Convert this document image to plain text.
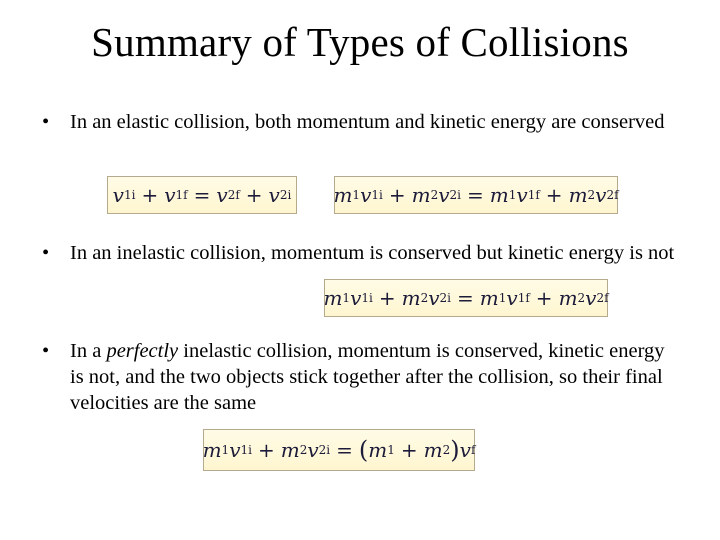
Summary of Types of Collisions
•	In an elastic collision, both momentum and kinetic energy are conserved
v 1i + v 1f = v 2f + v 2i m 1 v 1i + m 2 v 2i = m 1 v 1f + m 2 v 2f
•	In an inelastic collision, momentum is conserved but kinetic energy is not
m 1 v 1i + m 2 v 2i = m 1 v 1f + m 2 v 2f
•	In a perfectly inelastic collision, momentum is conserved, kinetic energy is not, and the two objects stick together after the collision, so their final velocities are the same
m 1 v 1i + m 2 v 2i = ( m 1 + m 2 ) v f
